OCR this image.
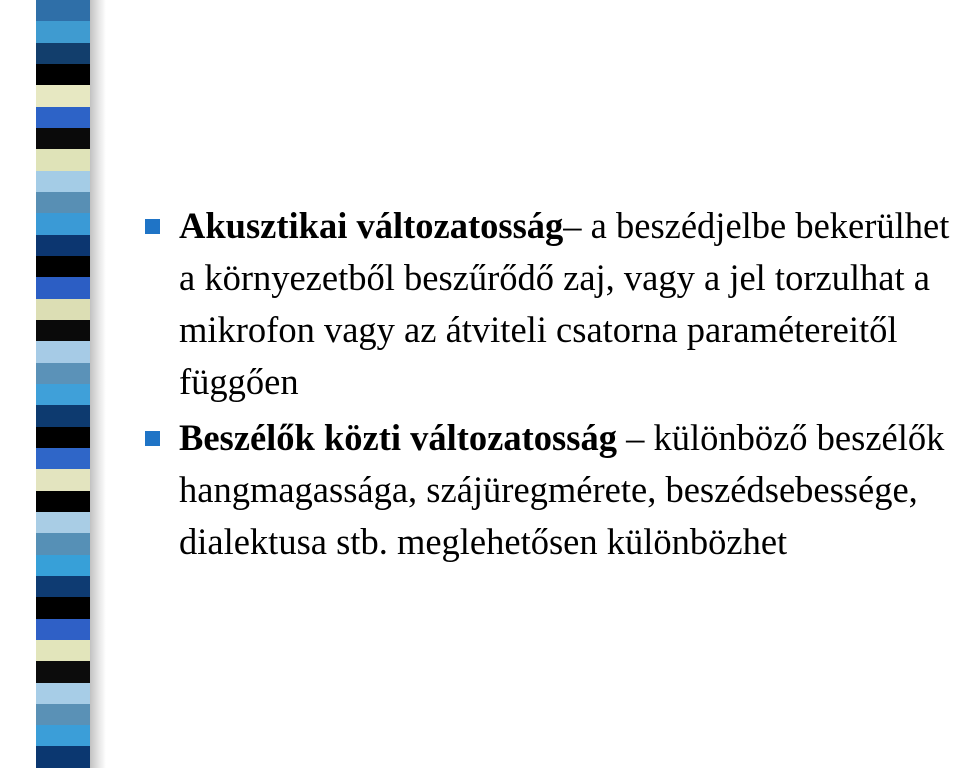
Akusztikai változatosság– a beszédjelbe bekerülhet a környezetből beszűrődő zaj, vagy a jel torzulhat a mikrofon vagy az átviteli csatorna paramétereitől függően
Beszélők közti változatosság – különböző beszélők hangmagassága, szájüregmérete, beszédsebessége, dialektusa stb. meglehetősen különbözhet
